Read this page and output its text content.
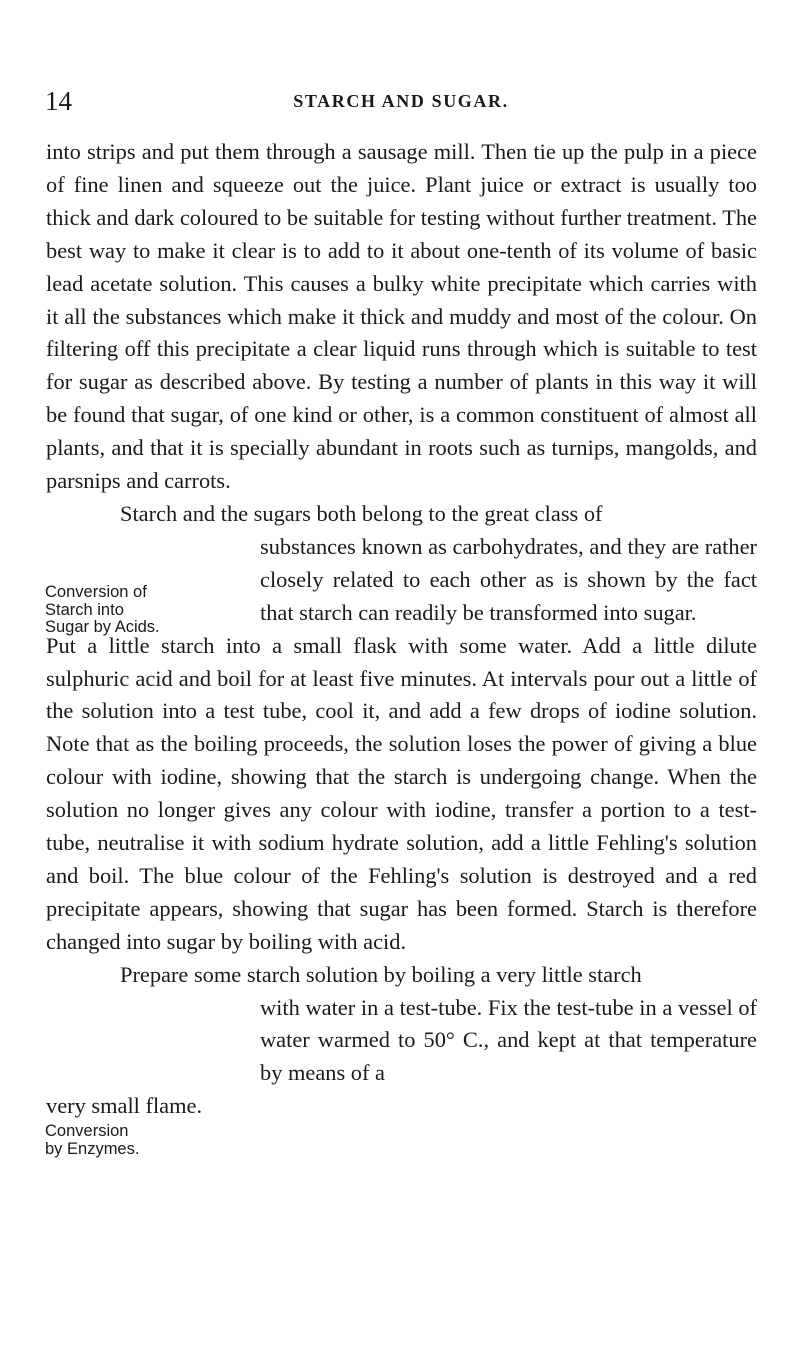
14	STARCH AND SUGAR.

into strips and put them through a sausage mill. Then tie up the pulp in a piece of fine linen and squeeze out the juice. Plant juice or extract is usually too thick and dark coloured to be suitable for testing without further treatment. The best way to make it clear is to add to it about one-tenth of its volume of basic lead acetate solution. This causes a bulky white precipitate which carries with it all the substances which make it thick and muddy and most of the colour. On filtering off this precipitate a clear liquid runs through which is suitable to test for sugar as described above. By testing a number of plants in this way it will be found that sugar, of one kind or other, is a common constituent of almost all plants, and that it is specially abundant in roots such as turnips, mangolds, and parsnips and carrots.

Starch and the sugars both belong to the great class of

substances known as carbohydrates, and they are rather closely related to each other as is shown by the fact that starch can readily be transformed into sugar.

Put a little starch into a small flask with some water. Add a little dilute sulphuric acid and boil for at least five minutes. At intervals pour out a little of the solution into a test tube, cool it, and add a few drops of iodine solution. Note that as the boiling proceeds, the solution loses the power of giving a blue colour with iodine, showing that the starch is undergoing change. When the solution no longer gives any colour with iodine, transfer a portion to a test-tube, neutralise it with sodium hydrate solution, add a little Fehling's solution and boil. The blue colour of the Fehling's solution is destroyed and a red precipitate appears, showing that sugar has been formed. Starch is therefore changed into sugar by boiling with acid.

Prepare some starch solution by boiling a very little starch

with water in a test-tube. Fix the test-tube in a vessel of water warmed to 50° C., and kept at that temperature by means of a

very small flame.

Conversion of
Starch into
Sugar by Acids.
Conversion
by Enzymes.
